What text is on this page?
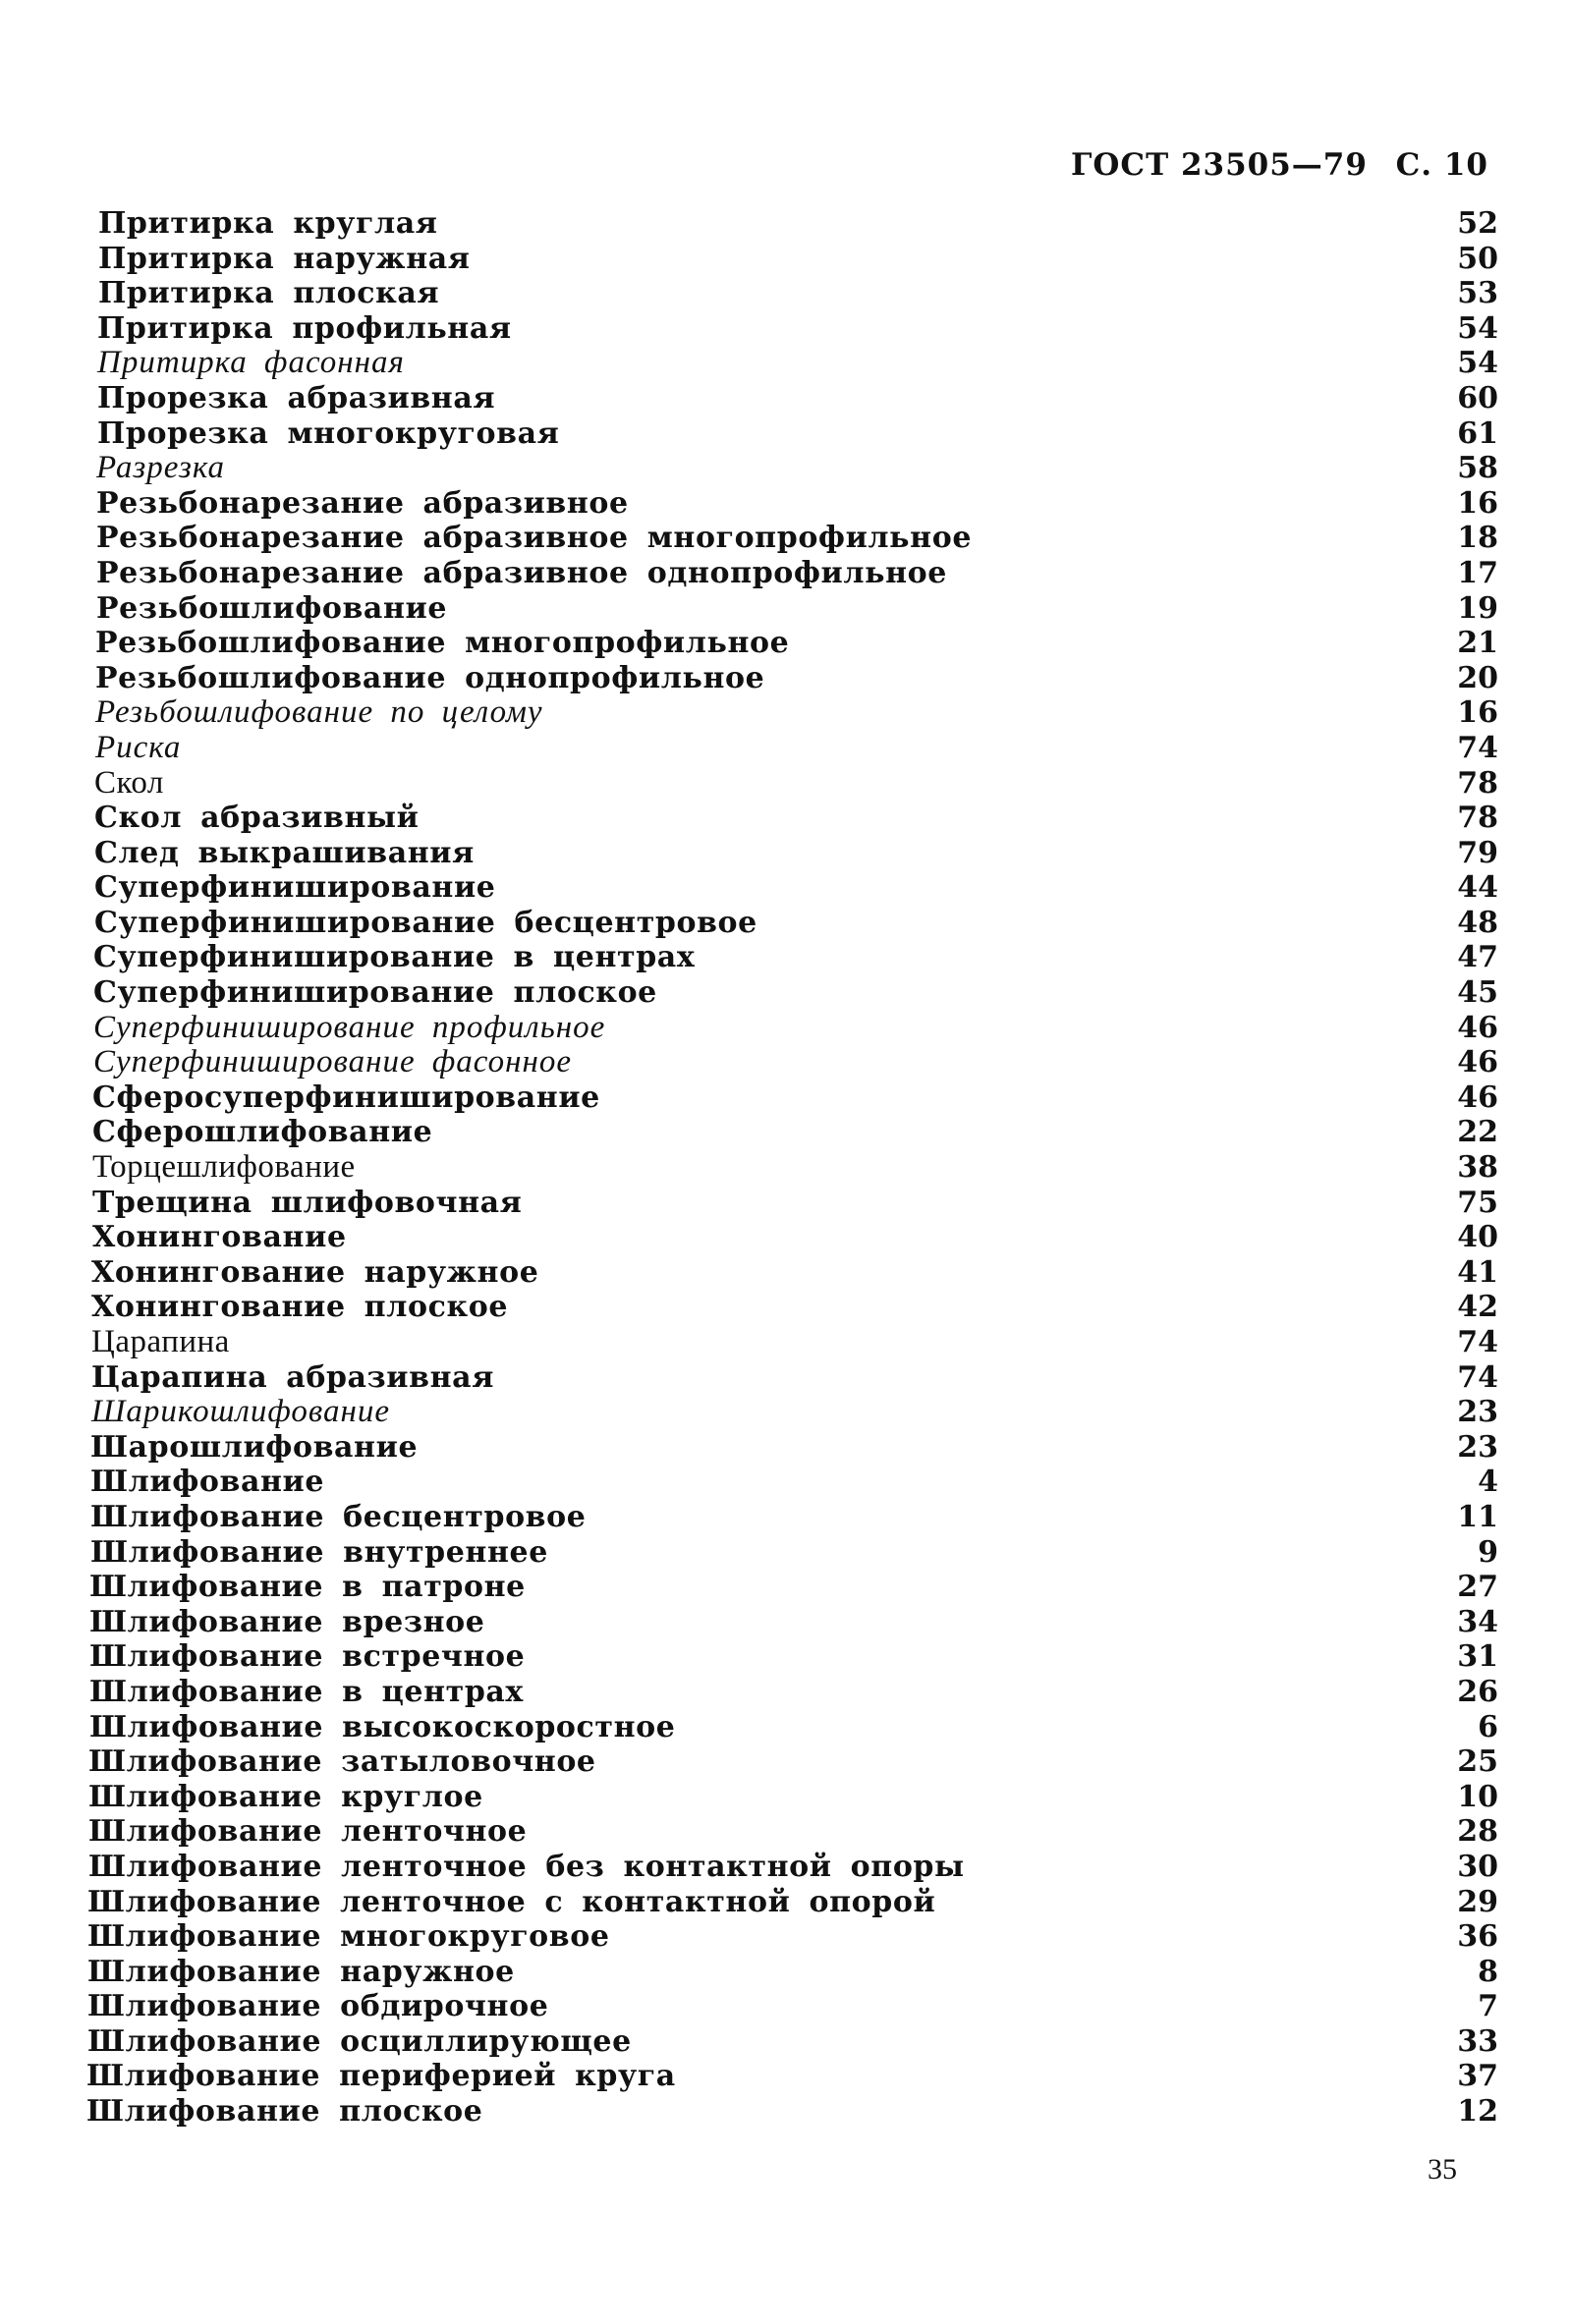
ГОСТ 23505—79 С. 10
Притирка круглая	52
Притирка наружная	50
Притирка плоская	53
Притирка профильная	54
Притирка фасонная	54
Прорезка абразивная	60
Прорезка многокруговая	61
Разрезка	58
Резьбонарезание абразивное	16
Резьбонарезание абразивное многопрофильное	18
Резьбонарезание абразивное однопрофильное	17
Резьбошлифование	19
Резьбошлифование многопрофильное	21
Резьбошлифование однопрофильное	20
Резьбошлифование по целому	16
Риска	74
Скол	78
Скол абразивный	78
След выкрашивания	79
Суперфиниширование	44
Суперфиниширование бесцентровое	48
Суперфиниширование в центрах	47
Суперфиниширование плоское	45
Суперфиниширование профильное	46
Суперфиниширование фасонное	46
Сферосуперфиниширование	46
Сферошлифование	22
Торцешлифование	38
Трещина шлифовочная	75
Хонингование	40
Хонингование наружное	41
Хонингование плоское	42
Царапина	74
Царапина абразивная	74
Шарикошлифование	23
Шарошлифование	23
Шлифование	4
Шлифование бесцентровое	11
Шлифование внутреннее	9
Шлифование в патроне	27
Шлифование врезное	34
Шлифование встречное	31
Шлифование в центрах	26
Шлифование высокоскоростное	6
Шлифование затыловочное	25
Шлифование круглое	10
Шлифование ленточное	28
Шлифование ленточное без контактной опоры	30
Шлифование ленточное с контактной опорой	29
Шлифование многокруговое	36
Шлифование наружное	8
Шлифование обдирочное	7
Шлифование осциллирующее	33
Шлифование периферией круга	37
Шлифование плоское	12
35
